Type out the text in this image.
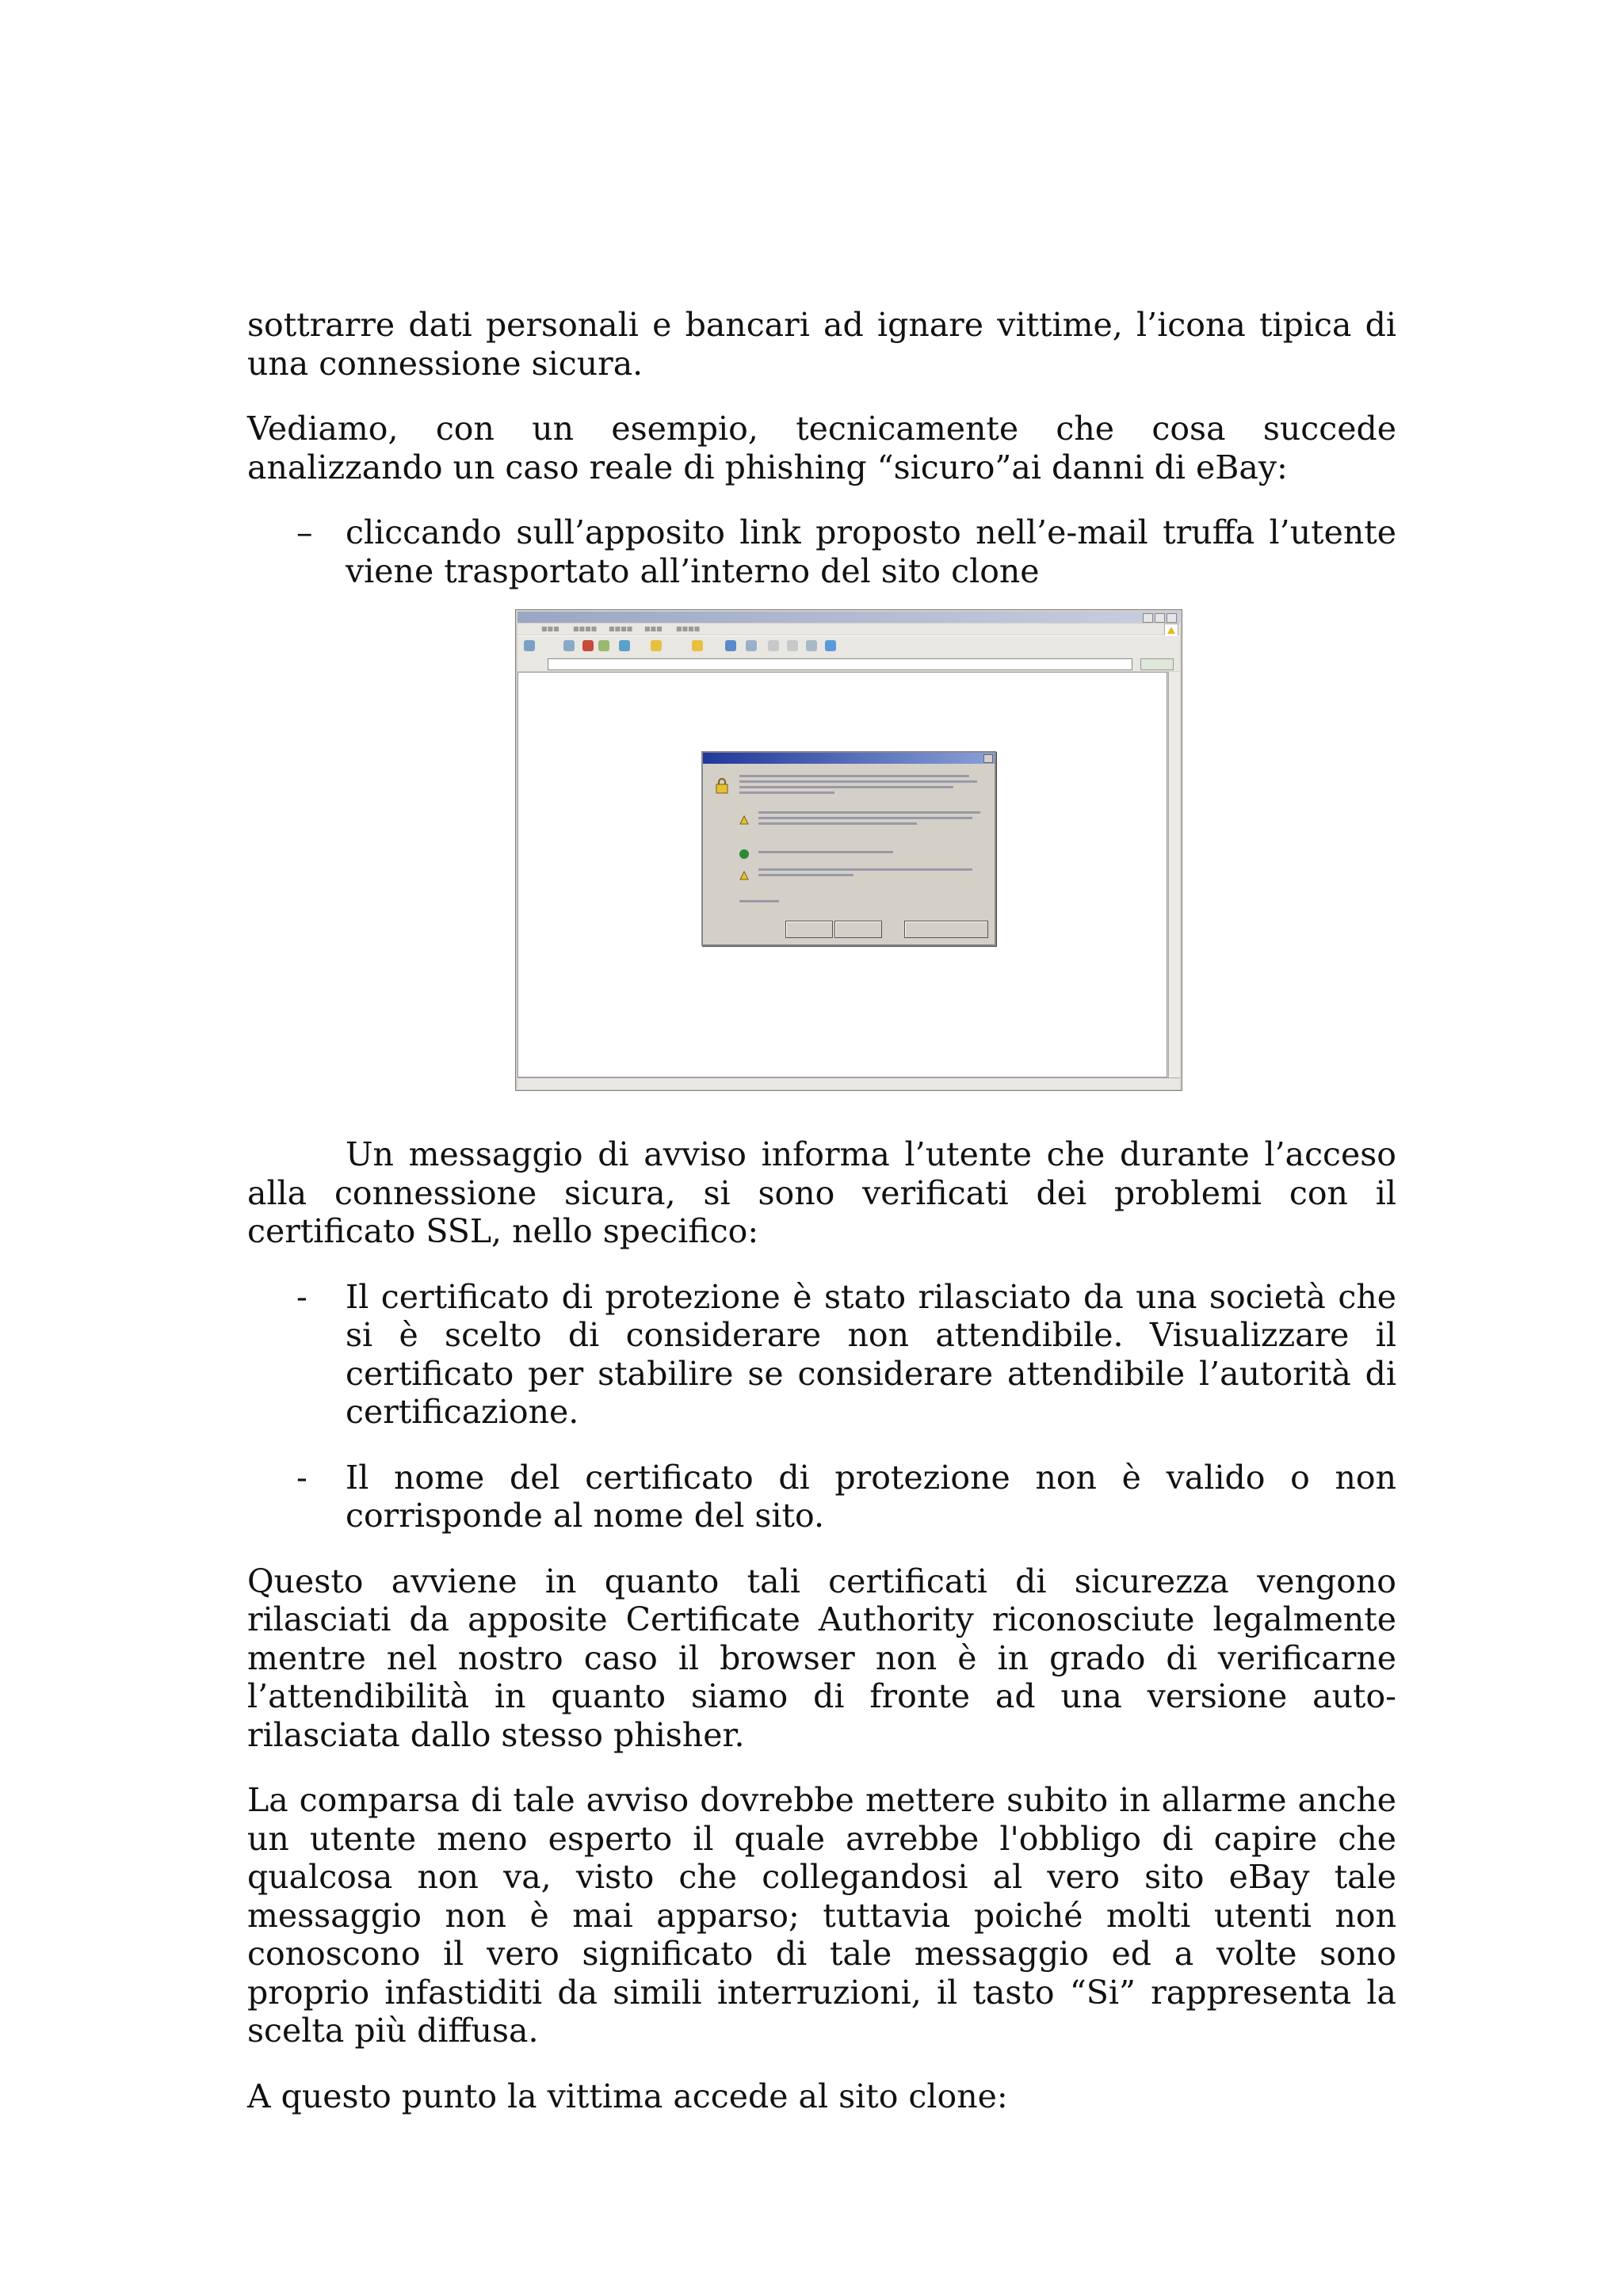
sottrarre dati personali e bancari ad ignare vittime, l’icona tipica di una connessione sicura.

Vediamo, con un esempio, tecnicamente che cosa succede analizzando un caso reale di phishing “sicuro”ai danni di eBay:

– cliccando sull’apposito link proposto nell’e-mail truffa l’utente viene trasportato all’interno del sito clone

■■■ ■■■■ ■■■■ ■■■ ■■■■

Un messaggio di avviso informa l’utente che durante l’acceso alla connessione sicura, si sono verificati dei problemi con il certificato SSL, nello specifico:

- Il certificato di protezione è stato rilasciato da una società che si è scelto di considerare non attendibile. Visualizzare il certificato per stabilire se considerare attendibile l’autorità di certificazione.

- Il nome del certificato di protezione non è valido o non corrisponde al nome del sito.

Questo avviene in quanto tali certificati di sicurezza vengono rilasciati da apposite Certificate Authority riconosciute legalmente mentre nel nostro caso il browser non è in grado di verificarne l’attendibilità in quanto siamo di fronte ad una versione auto-rilasciata dallo stesso phisher.

La comparsa di tale avviso dovrebbe mettere subito in allarme anche un utente meno esperto il quale avrebbe l'obbligo di capire che qualcosa non va, visto che collegandosi al vero sito eBay tale messaggio non è mai apparso; tuttavia poiché molti utenti non conoscono il vero significato di tale messaggio ed a volte sono proprio infastiditi da simili interruzioni, il tasto “Si” rappresenta la scelta più diffusa.

A questo punto la vittima accede al sito clone:
